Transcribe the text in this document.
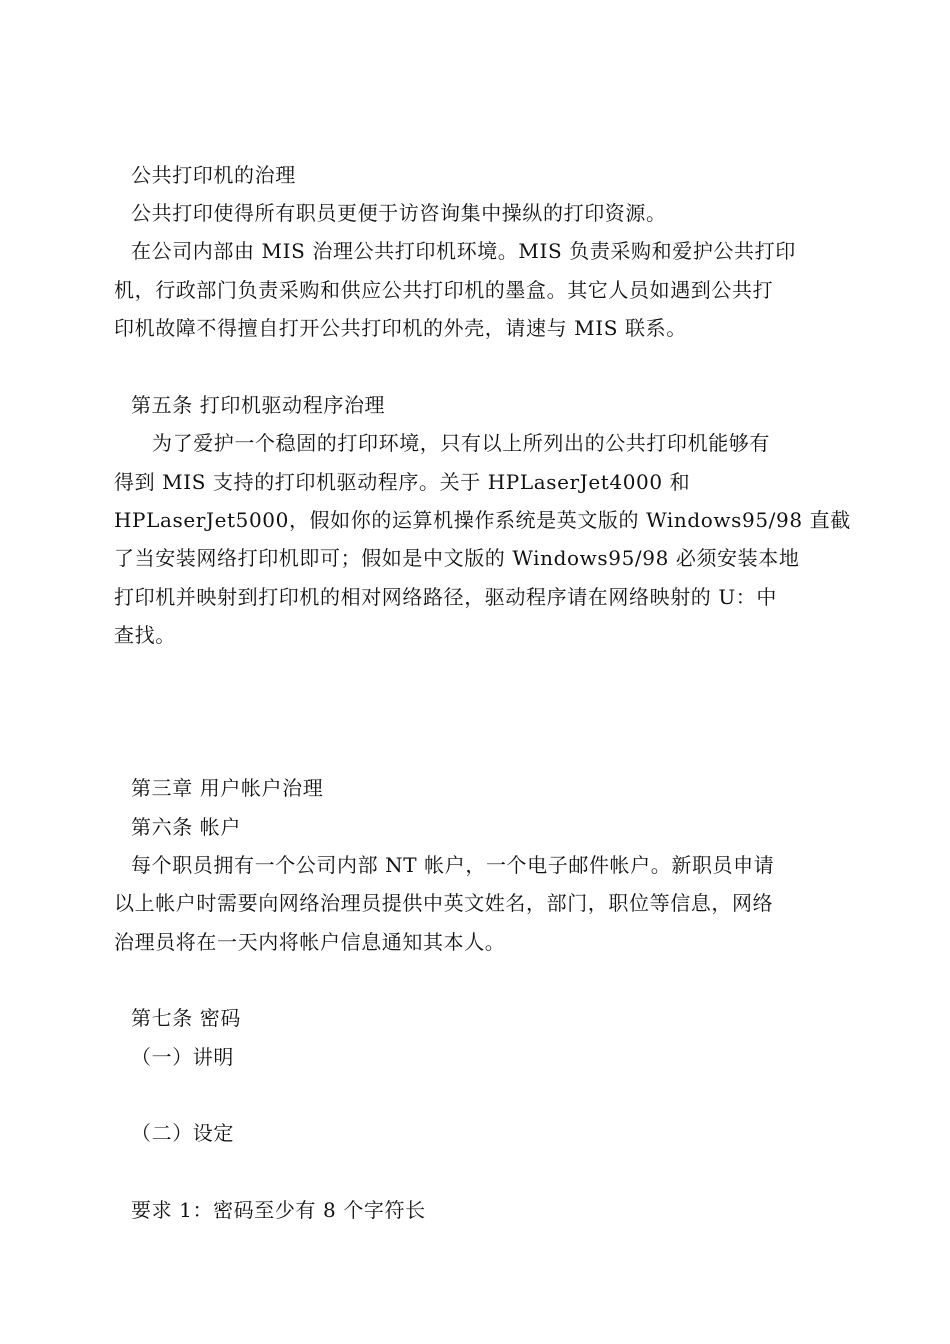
公共打印机的治理
公共打印使得所有职员更便于访咨询集中操纵的打印资源。
在公司内部由 MIS 治理公共打印机环境。MIS 负责采购和爱护公共打印
机，行政部门负责采购和供应公共打印机的墨盒。其它人员如遇到公共打
印机故障不得擅自打开公共打印机的外壳，请速与 MIS 联系。
第五条 打印机驱动程序治理
为了爱护一个稳固的打印环境，只有以上所列出的公共打印机能够有
得到 MIS 支持的打印机驱动程序。关于 HPLaserJet4000 和
HPLaserJet5000，假如你的运算机操作系统是英文版的 Windows95/98 直截
了当安装网络打印机即可；假如是中文版的 Windows95/98 必须安装本地
打印机并映射到打印机的相对网络路径，驱动程序请在网络映射的 U：中
查找。
第三章 用户帐户治理
第六条 帐户
每个职员拥有一个公司内部 NT 帐户，一个电子邮件帐户。新职员申请
以上帐户时需要向网络治理员提供中英文姓名，部门，职位等信息，网络
治理员将在一天内将帐户信息通知其本人。
第七条 密码
（一）讲明
（二）设定
要求 1：密码至少有 8 个字符长
